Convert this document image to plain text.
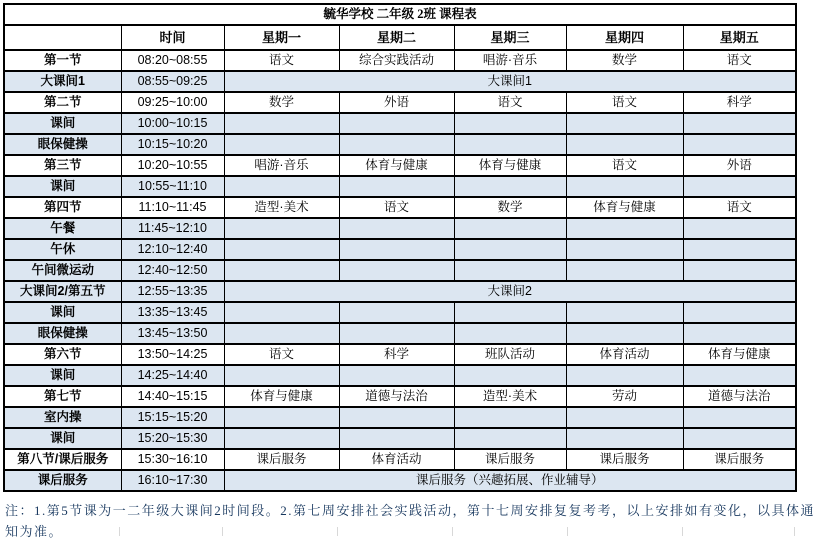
毓华学校 二年级 2班 课程表						
	时间	星期一	星期二	星期三	星期四	星期五
第一节	08:20~08:55	语文	综合实践活动	唱游·音乐	数学	语文
大课间1	08:55~09:25	大课间1				
第二节	09:25~10:00	数学	外语	语文	语文	科学
课间	10:00~10:15					
眼保健操	10:15~10:20					
第三节	10:20~10:55	唱游·音乐	体育与健康	体育与健康	语文	外语
课间	10:55~11:10					
第四节	11:10~11:45	造型·美术	语文	数学	体育与健康	语文
午餐	11:45~12:10					
午休	12:10~12:40					
午间微运动	12:40~12:50					
大课间2/第五节	12:55~13:35	大课间2				
课间	13:35~13:45					
眼保健操	13:45~13:50					
第六节	13:50~14:25	语文	科学	班队活动	体育活动	体育与健康
课间	14:25~14:40					
第七节	14:40~15:15	体育与健康	道德与法治	造型·美术	劳动	道德与法治
室内操	15:15~15:20					
课间	15:20~15:30					
第八节/课后服务	15:30~16:10	课后服务	体育活动	课后服务	课后服务	课后服务
课后服务	16:10~17:30	课后服务（兴趣拓展、作业辅导）				
注：1.第5节课为一二年级大课间2时间段。2.第七周安排社会实践活动，第十七周安排复复考考，以上安排如有变化，以具体通
知为准。
